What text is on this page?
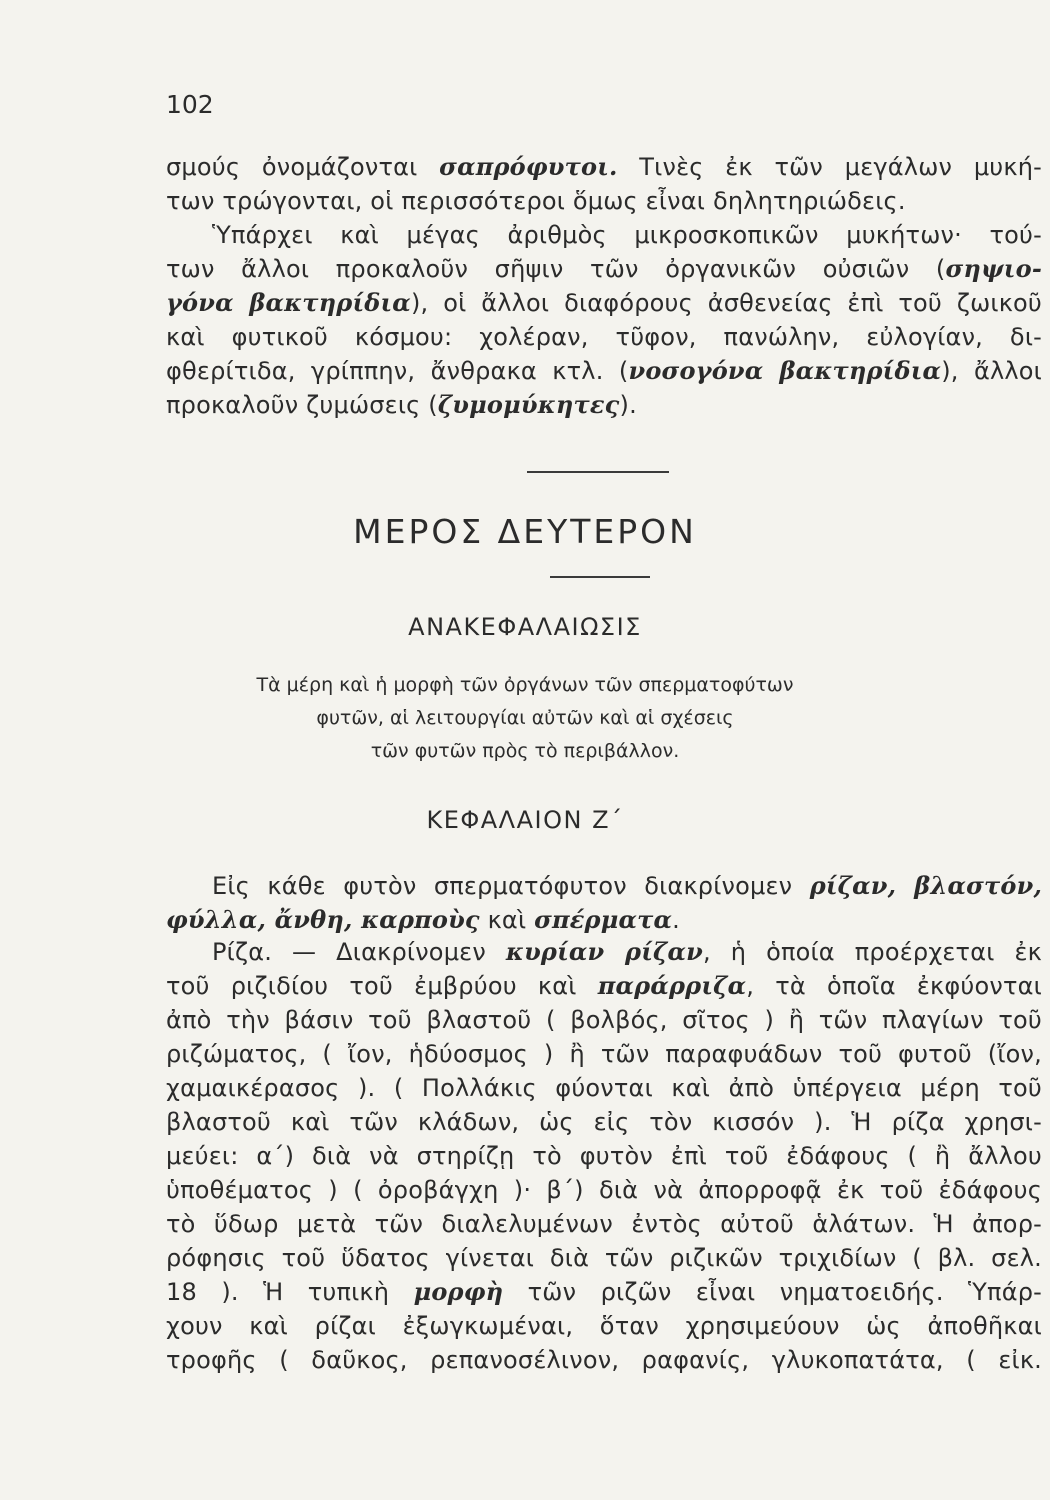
102
σμούς ὀνομάζονται σαπρόφυτοι. Τινὲς ἐκ τῶν μεγάλων μυκή-
των τρώγονται, οἱ περισσότεροι ὅμως εἶναι δηλητηριώδεις.
Ὑπάρχει καὶ μέγας ἀριθμὸς μικροσκοπικῶν μυκήτων· τού-
των ἄλλοι προκαλοῦν σῆψιν τῶν ὀργανικῶν οὐσιῶν (σηψιο-
γόνα βακτηρίδια), οἱ ἄλλοι διαφόρους ἀσθενείας ἐπὶ τοῦ ζωικοῦ
καὶ φυτικοῦ κόσμου: χολέραν, τῦφον, πανώλην, εὐλογίαν, δι-
φθερίτιδα, γρίππην, ἄνθρακα κτλ. (νοσογόνα βακτηρίδια), ἄλλοι
προκαλοῦν ζυμώσεις (ζυμομύκητες).
ΜΕΡΟΣ ΔΕΥΤΕΡΟΝ
ΑΝΑΚΕΦΑΛΑΙΩΣΙΣ
Τὰ μέρη καὶ ἡ μορφὴ τῶν ὀργάνων τῶν σπερματοφύτων
φυτῶν, αἱ λειτουργίαι αὐτῶν καὶ αἱ σχέσεις
τῶν φυτῶν πρὸς τὸ περιβάλλον.
ΚΕΦΑΛΑΙΟΝ Ζ΄
Εἰς κάθε φυτὸν σπερματόφυτον διακρίνομεν ρίζαν, βλαστόν,
φύλλα, ἄνθη, καρποὺς καὶ σπέρματα.
Ρίζα. — Διακρίνομεν κυρίαν ρίζαν, ἡ ὁποία προέρχεται ἐκ
τοῦ ριζιδίου τοῦ ἐμβρύου καὶ παράρριζα, τὰ ὁποῖα ἐκφύονται
ἀπὸ τὴν βάσιν τοῦ βλαστοῦ ( βολβός, σῖτος ) ἢ τῶν πλαγίων τοῦ
ριζώματος, ( ἴον, ἡδύοσμος ) ἢ τῶν παραφυάδων τοῦ φυτοῦ (ἴον,
χαμαικέρασος ). ( Πολλάκις φύονται καὶ ἀπὸ ὑπέργεια μέρη τοῦ
βλαστοῦ καὶ τῶν κλάδων, ὡς εἰς τὸν κισσόν ). Ἡ ρίζα χρησι-
μεύει: α΄) διὰ νὰ στηρίζῃ τὸ φυτὸν ἐπὶ τοῦ ἐδάφους ( ἢ ἄλλου
ὑποθέματος ) ( ὀροβάγχη )· β΄) διὰ νὰ ἀπορροφᾷ ἐκ τοῦ ἐδάφους
τὸ ὕδωρ μετὰ τῶν διαλελυμένων ἐντὸς αὐτοῦ ἁλάτων. Ἡ ἀπορ-
ρόφησις τοῦ ὕδατος γίνεται διὰ τῶν ριζικῶν τριχιδίων ( βλ. σελ.
18 ). Ἡ τυπικὴ μορφὴ τῶν ριζῶν εἶναι νηματοειδής. Ὑπάρ-
χουν καὶ ρίζαι ἐξωγκωμέναι, ὅταν χρησιμεύουν ὡς ἀποθῆκαι
τροφῆς ( δαῦκος, ρεπανοσέλινον, ραφανίς, γλυκοπατάτα, ( εἰκ.
